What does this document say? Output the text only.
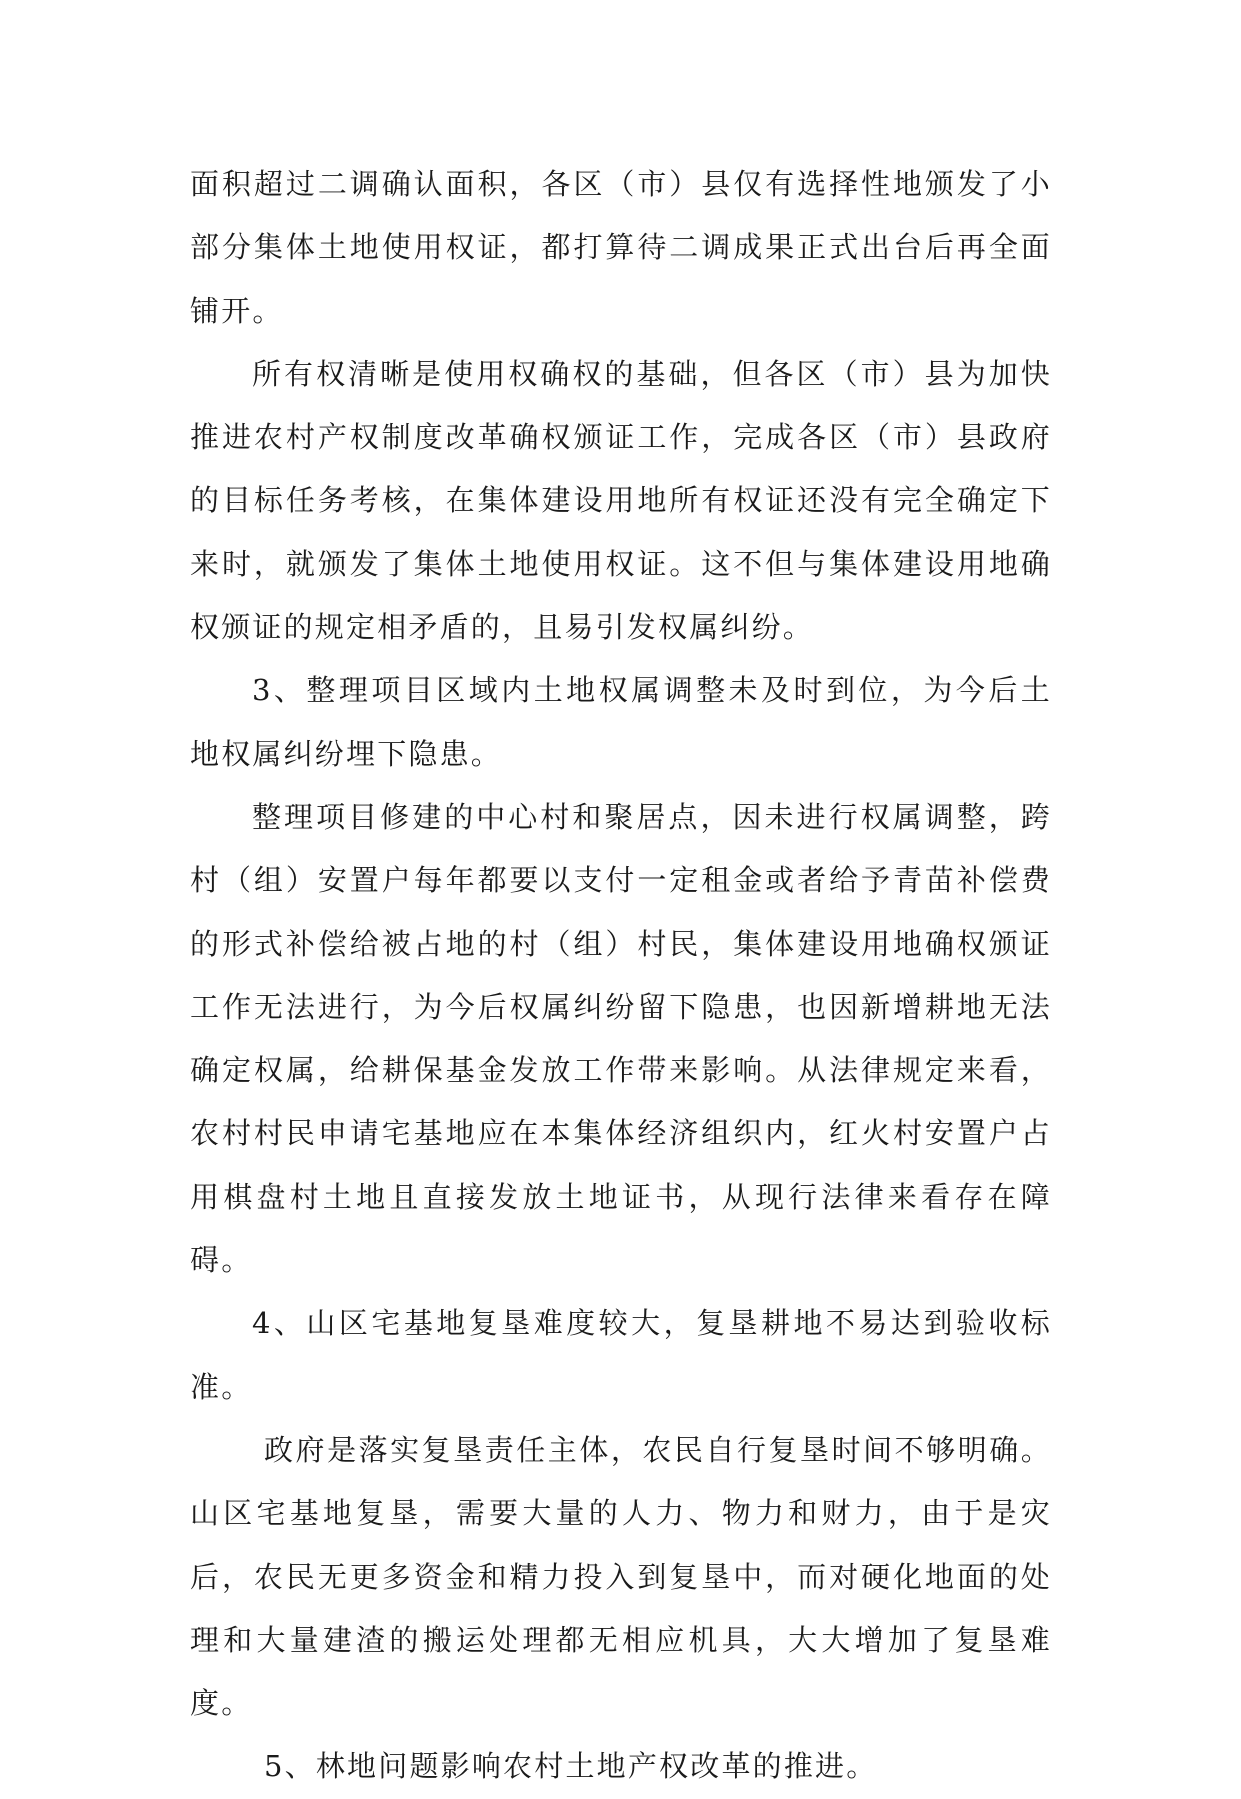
面积超过二调确认面积，各区（市）县仅有选择性地颁发了小部分集体土地使用权证，都打算待二调成果正式出台后再全面铺开。

所有权清晰是使用权确权的基础，但各区（市）县为加快推进农村产权制度改革确权颁证工作，完成各区（市）县政府的目标任务考核，在集体建设用地所有权证还没有完全确定下来时，就颁发了集体土地使用权证。这不但与集体建设用地确权颁证的规定相矛盾的，且易引发权属纠纷。

3、整理项目区域内土地权属调整未及时到位，为今后土地权属纠纷埋下隐患。

整理项目修建的中心村和聚居点，因未进行权属调整，跨村（组）安置户每年都要以支付一定租金或者给予青苗补偿费的形式补偿给被占地的村（组）村民，集体建设用地确权颁证工作无法进行，为今后权属纠纷留下隐患，也因新增耕地无法确定权属，给耕保基金发放工作带来影响。从法律规定来看，农村村民申请宅基地应在本集体经济组织内，红火村安置户占用棋盘村土地且直接发放土地证书，从现行法律来看存在障碍。

4、山区宅基地复垦难度较大，复垦耕地不易达到验收标准。

政府是落实复垦责任主体，农民自行复垦时间不够明确。山区宅基地复垦，需要大量的人力、物力和财力，由于是灾后，农民无更多资金和精力投入到复垦中，而对硬化地面的处理和大量建渣的搬运处理都无相应机具，大大增加了复垦难度。

5、林地问题影响农村土地产权改革的推进。
